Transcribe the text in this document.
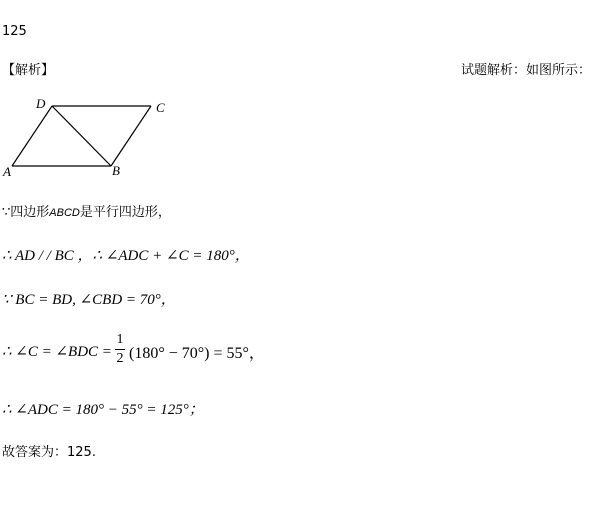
125
【解析】	试题解析：如图所示：
D	C
A	B
∵四边形ABCD是平行四边形，
∴ AD / / BC ，∴ ∠ADC + ∠C = 180°，
∵ BC = BD, ∠CBD = 70°，
∴ ∠C = ∠BDC =
1
2 (180° − 70°) = 55°，
∴ ∠ADC = 180° − 55° = 125°；
故答案为：125.
